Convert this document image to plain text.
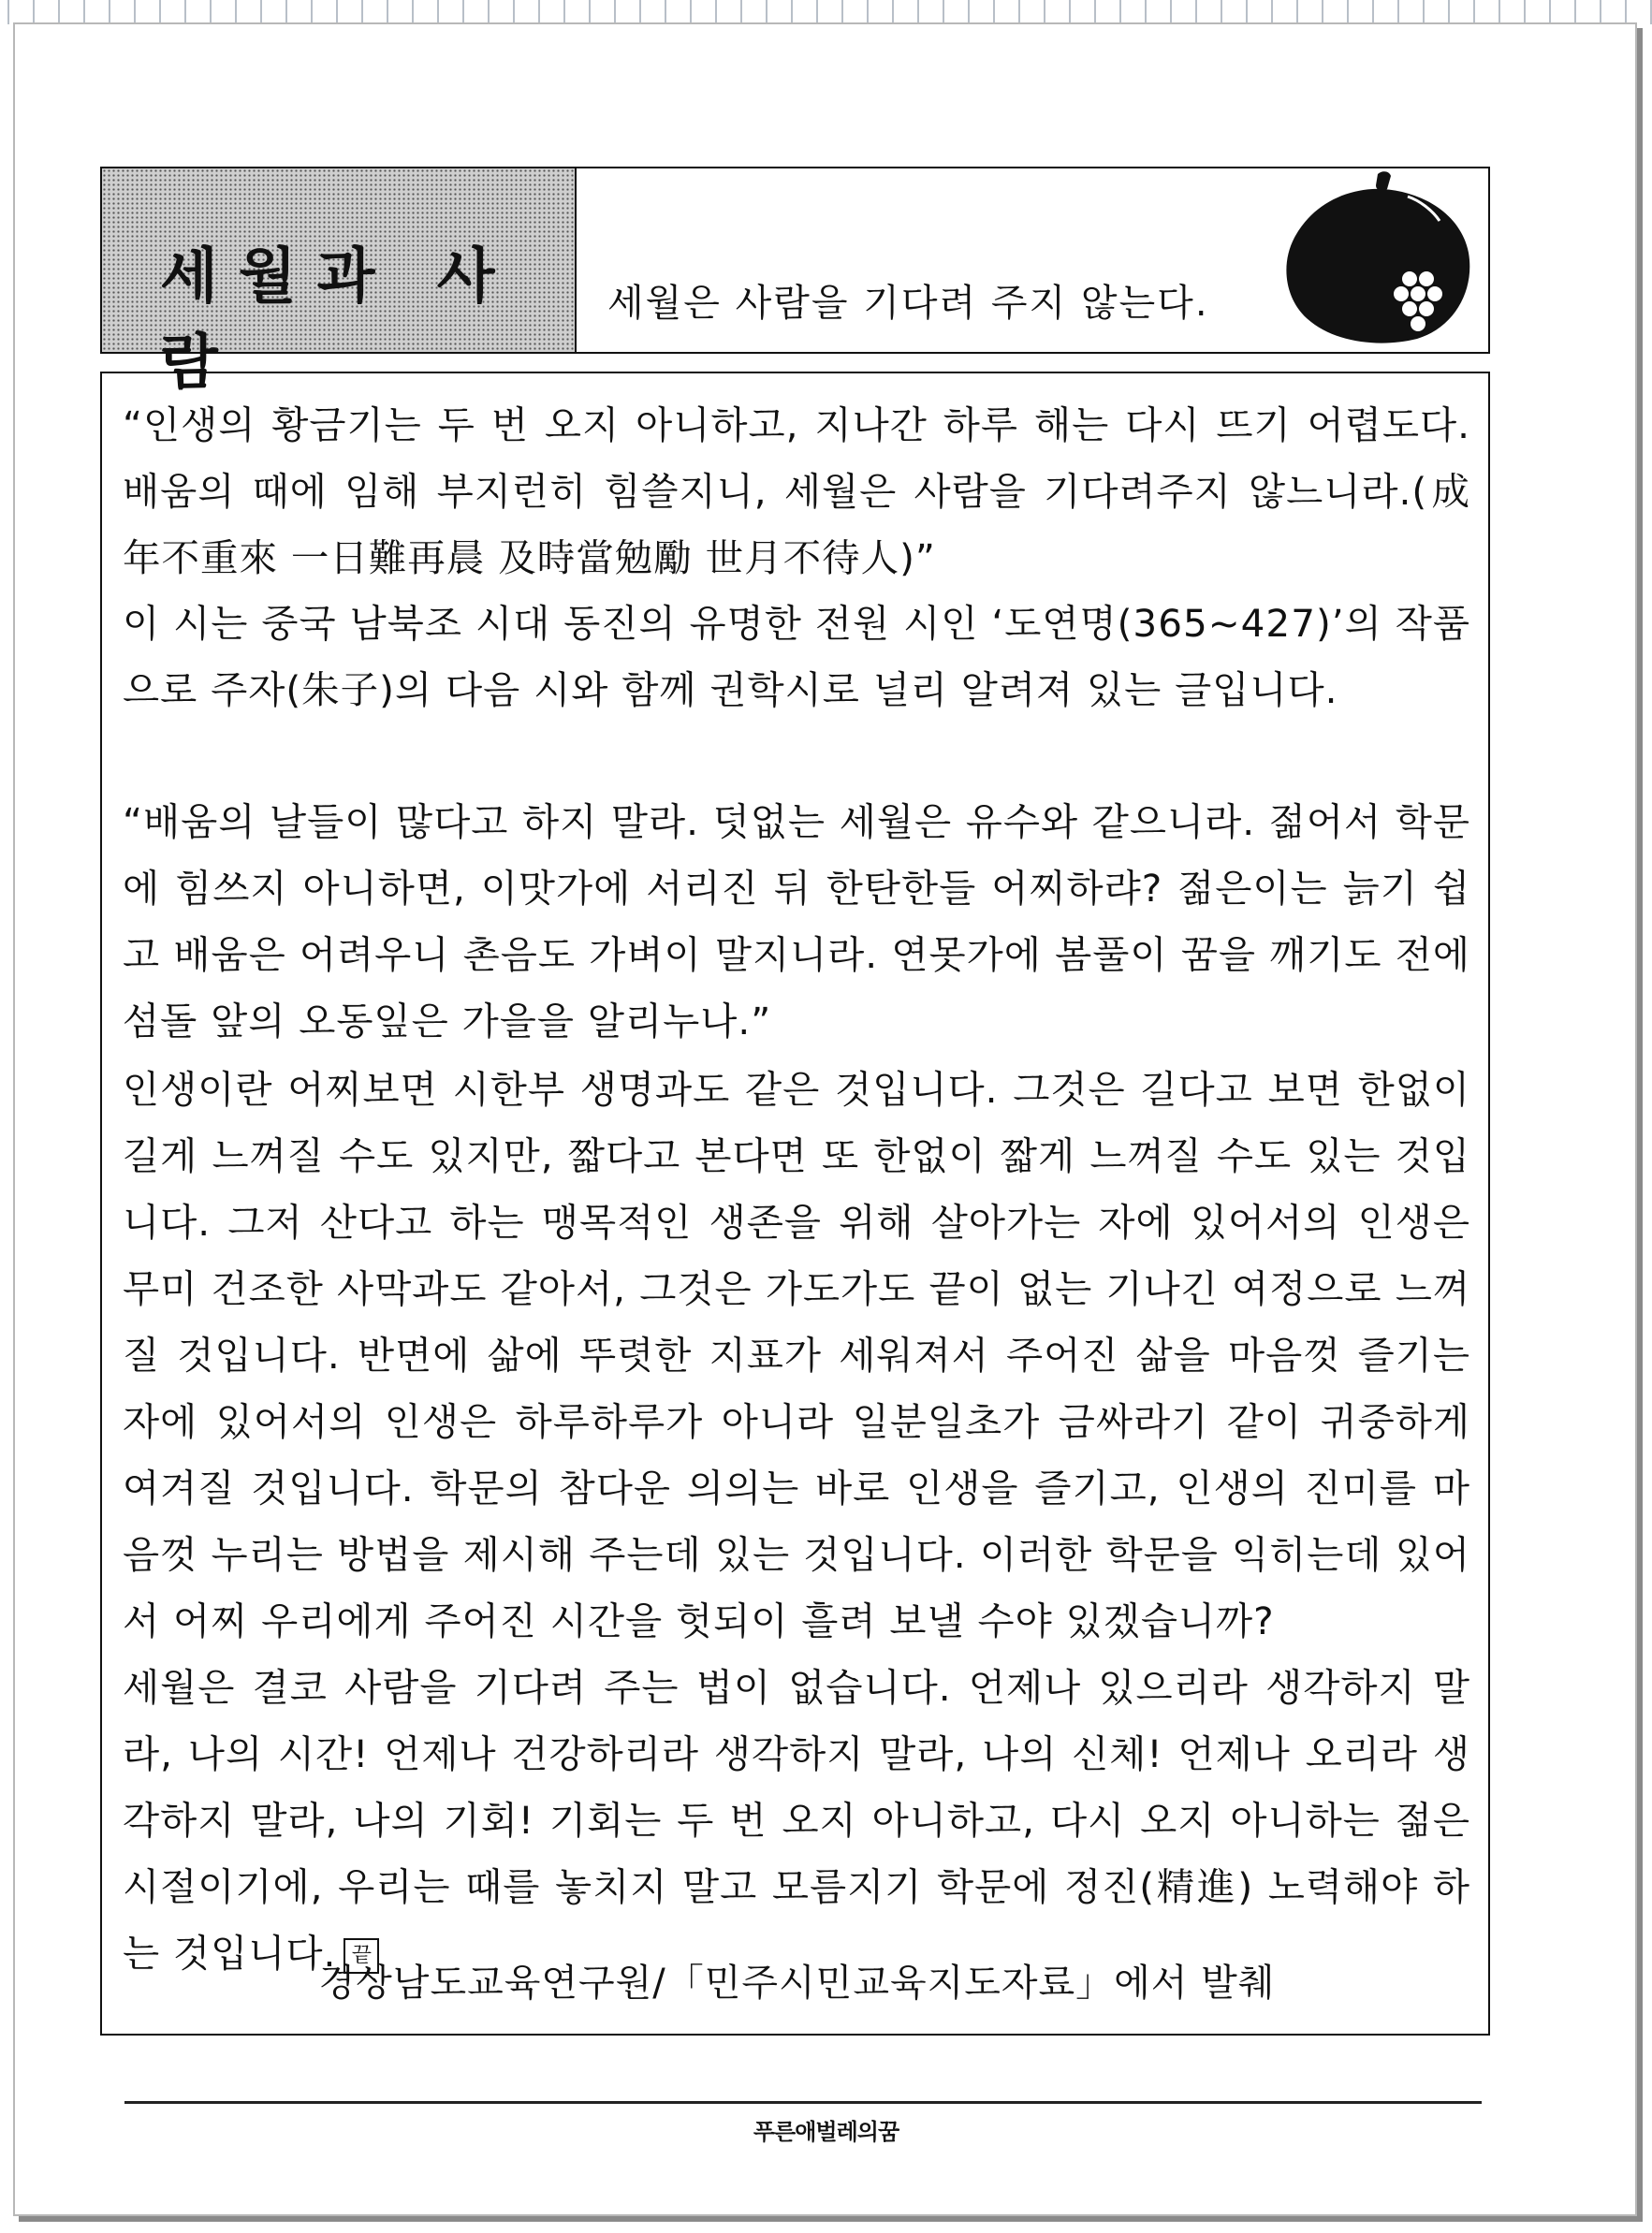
세월과 사람
세월은 사람을 기다려 주지 않는다.

“인생의 황금기는 두 번 오지 아니하고, 지나간 하루 해는 다시 뜨기 어렵도다. 배움의 때에 임해 부지런히 힘쓸지니, 세월은 사람을 기다려주지 않느니라.(成年不重來 一日難再晨 及時當勉勵 世月不待人)”

이 시는 중국 남북조 시대 동진의 유명한 전원 시인 ‘도연명(365~427)’의 작품으로 주자(朱子)의 다음 시와 함께 권학시로 널리 알려져 있는 글입니다.

“배움의 날들이 많다고 하지 말라. 덧없는 세월은 유수와 같으니라. 젊어서 학문에 힘쓰지 아니하면, 이맛가에 서리진 뒤 한탄한들 어찌하랴? 젊은이는 늙기 쉽고 배움은 어려우니 촌음도 가벼이 말지니라. 연못가에 봄풀이 꿈을 깨기도 전에 섬돌 앞의 오동잎은 가을을 알리누나.”

인생이란 어찌보면 시한부 생명과도 같은 것입니다. 그것은 길다고 보면 한없이 길게 느껴질 수도 있지만, 짧다고 본다면 또 한없이 짧게 느껴질 수도 있는 것입니다. 그저 산다고 하는 맹목적인 생존을 위해 살아가는 자에 있어서의 인생은 무미 건조한 사막과도 같아서, 그것은 가도가도 끝이 없는 기나긴 여정으로 느껴질 것입니다. 반면에 삶에 뚜렷한 지표가 세워져서 주어진 삶을 마음껏 즐기는 자에 있어서의 인생은 하루하루가 아니라 일분일초가 금싸라기 같이 귀중하게 여겨질 것입니다. 학문의 참다운 의의는 바로 인생을 즐기고, 인생의 진미를 마음껏 누리는 방법을 제시해 주는데 있는 것입니다. 이러한 학문을 익히는데 있어서 어찌 우리에게 주어진 시간을 헛되이 흘려 보낼 수야 있겠습니까?

세월은 결코 사람을 기다려 주는 법이 없습니다. 언제나 있으리라 생각하지 말라, 나의 시간! 언제나 건강하리라 생각하지 말라, 나의 신체! 언제나 오리라 생각하지 말라, 나의 기회! 기회는 두 번 오지 아니하고, 다시 오지 아니하는 젊은 시절이기에, 우리는 때를 놓치지 말고 모름지기 학문에 정진(精進) 노력해야 하는 것입니다. 끝

경상남도교육연구원/「민주시민교육지도자료」에서 발췌
푸른애벌레의꿈
